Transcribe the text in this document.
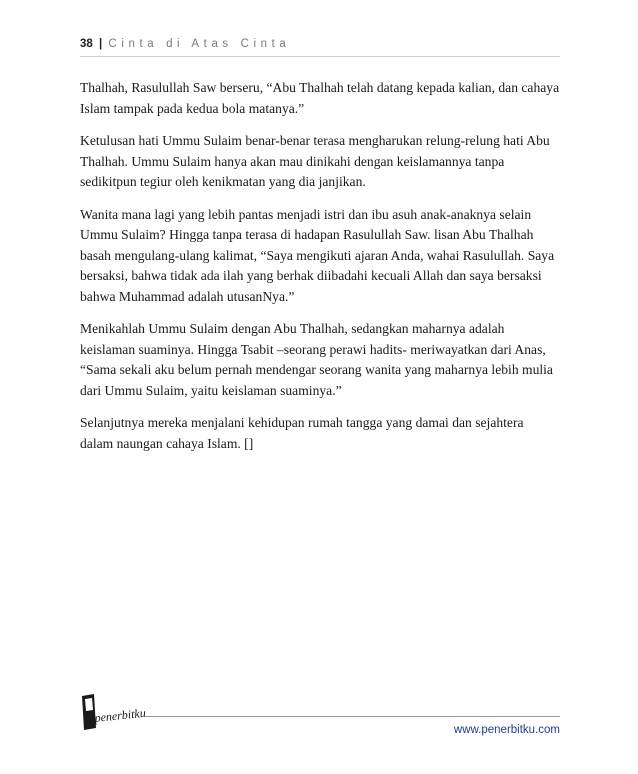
38 | Cinta di Atas Cinta

Thalhah, Rasulullah Saw berseru, “Abu Thalhah telah datang kepada kalian, dan cahaya Islam tampak pada kedua bola matanya.”

Ketulusan hati Ummu Sulaim benar-benar terasa mengharukan relung-relung hati Abu Thalhah. Ummu Sulaim hanya akan mau dinikahi dengan keislamannya tanpa sedikitpun tegiur oleh kenikmatan yang dia janjikan.

Wanita mana lagi yang lebih pantas menjadi istri dan ibu asuh anak-anaknya selain Ummu Sulaim? Hingga tanpa terasa di hadapan Rasulullah Saw. lisan Abu Thalhah basah mengulang-ulang kalimat, “Saya mengikuti ajaran Anda, wahai Rasulullah. Saya bersaksi, bahwa tidak ada ilah yang berhak diibadahi kecuali Allah dan saya bersaksi bahwa Muhammad adalah utusanNya.”

Menikahlah Ummu Sulaim dengan Abu Thalhah, sedangkan maharnya adalah keislaman suaminya. Hingga Tsabit –seorang perawi hadits- meriwayatkan dari Anas, “Sama sekali aku belum pernah mendengar seorang wanita yang maharnya lebih mulia dari Ummu Sulaim, yaitu keislaman suaminya.”

Selanjutnya mereka menjalani kehidupan rumah tangga yang damai dan sejahtera dalam naungan cahaya Islam. []

penerbitku
www.penerbitku.com
